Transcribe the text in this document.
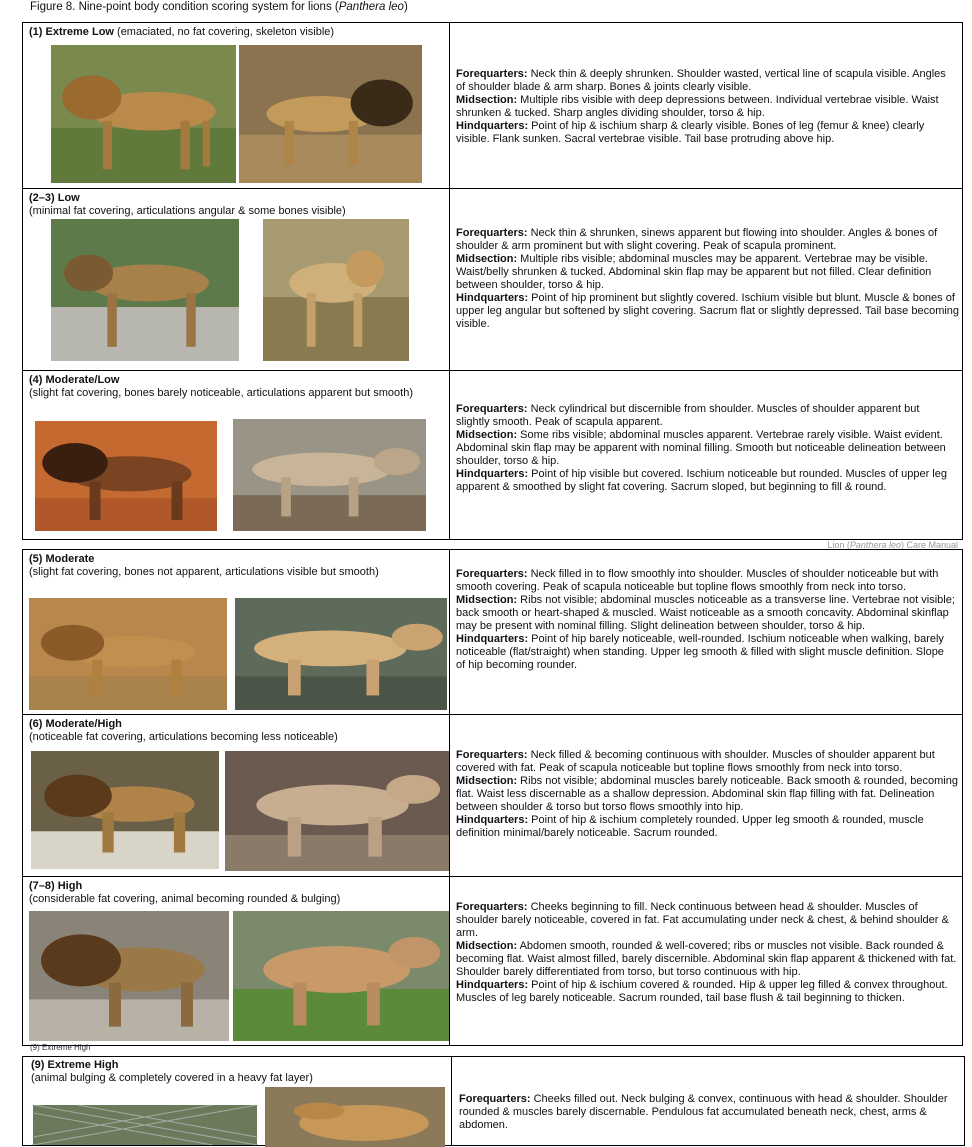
Figure 8. Nine-point body condition scoring system for lions (Panthera leo)
(1) Extreme Low (emaciated, no fat covering, skeleton visible)
Forequarters: Neck thin & deeply shrunken. Shoulder wasted, vertical line of scapula visible. Angles of shoulder blade & arm sharp. Bones & joints clearly visible.
Midsection: Multiple ribs visible with deep depressions between. Individual vertebrae visible. Waist shrunken & tucked. Sharp angles dividing shoulder, torso & hip.
Hindquarters: Point of hip & ischium sharp & clearly visible. Bones of leg (femur & knee) clearly visible. Flank sunken. Sacral vertebrae visible. Tail base protruding above hip.
(2–3) Low
(minimal fat covering, articulations angular & some bones visible)
Forequarters: Neck thin & shrunken, sinews apparent but flowing into shoulder. Angles & bones of shoulder & arm prominent but with slight covering. Peak of scapula prominent.
Midsection: Multiple ribs visible; abdominal muscles may be apparent. Vertebrae may be visible. Waist/belly shrunken & tucked. Abdominal skin flap may be apparent but not filled. Clear definition between shoulder, torso & hip.
Hindquarters: Point of hip prominent but slightly covered. Ischium visible but blunt. Muscle & bones of upper leg angular but softened by slight covering. Sacrum flat or slightly depressed. Tail base becoming visible.
(4) Moderate/Low
(slight fat covering, bones barely noticeable, articulations apparent but smooth)
Forequarters: Neck cylindrical but discernible from shoulder. Muscles of shoulder apparent but slightly smooth. Peak of scapula apparent.
Midsection: Some ribs visible; abdominal muscles apparent. Vertebrae rarely visible. Waist evident. Abdominal skin flap may be apparent with nominal filling. Smooth but noticeable delineation between shoulder, torso & hip.
Hindquarters: Point of hip visible but covered. Ischium noticeable but rounded. Muscles of upper leg apparent & smoothed by slight fat covering. Sacrum sloped, but beginning to fill & round.
Lion (Panthera leo) Care Manual
(5) Moderate
(slight fat covering, bones not apparent, articulations visible but smooth)	Forequarters: Neck filled in to flow smoothly into shoulder. Muscles of shoulder noticeable but with smooth covering. Peak of scapula noticeable but topline flows smoothly from neck into torso.
Midsection: Ribs not visible; abdominal muscles noticeable as a transverse line. Vertebrae not visible; back smooth or heart-shaped & muscled. Waist noticeable as a smooth concavity. Abdominal skinflap may be present with nominal filling. Slight delineation between shoulder, torso & hip.
Hindquarters: Point of hip barely noticeable, well-rounded. Ischium noticeable when walking, barely noticeable (flat/straight) when standing. Upper leg smooth & filled with slight muscle definition. Slope of hip becoming rounder.
(6) Moderate/High
(noticeable fat covering, articulations becoming less noticeable)
Forequarters: Neck filled & becoming continuous with shoulder. Muscles of shoulder apparent but covered with fat. Peak of scapula noticeable but topline flows smoothly from neck into torso.
Midsection: Ribs not visible; abdominal muscles barely noticeable. Back smooth & rounded, becoming flat. Waist less discernable as a shallow depression. Abdominal skin flap filling with fat. Delineation between shoulder & torso but torso flows smoothly into hip.
Hindquarters: Point of hip & ischium completely rounded. Upper leg smooth & rounded, muscle definition minimal/barely noticeable. Sacrum rounded.
(7–8) High
(considerable fat covering, animal becoming rounded & bulging)
Forequarters: Cheeks beginning to fill. Neck continuous between head & shoulder. Muscles of shoulder barely noticeable, covered in fat. Fat accumulating under neck & chest, & behind shoulder & arm.
Midsection: Abdomen smooth, rounded & well-covered; ribs or muscles not visible. Back rounded & becoming flat. Waist almost filled, barely discernible. Abdominal skin flap apparent & thickened with fat. Shoulder barely differentiated from torso, but torso continuous with hip.
Hindquarters: Point of hip & ischium covered & rounded. Hip & upper leg filled & convex throughout. Muscles of leg barely noticeable. Sacrum rounded, tail base flush & tail beginning to thicken.
(9) Extreme High
(9) Extreme High
(animal bulging & completely covered in a heavy fat layer)
Forequarters: Cheeks filled out. Neck bulging & convex, continuous with head & shoulder. Shoulder rounded & muscles barely discernable. Pendulous fat accumulated beneath neck, chest, arms & abdomen.
